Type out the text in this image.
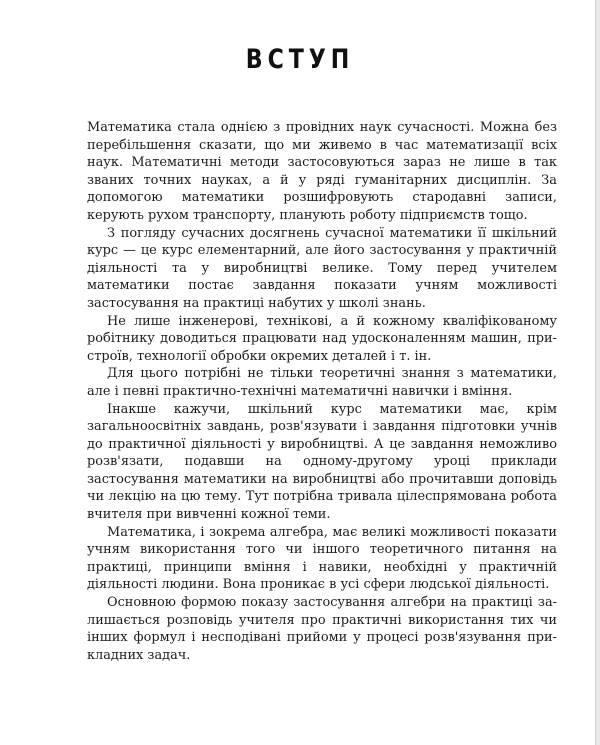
ВСТУП

Математика стала однією з провідних наук сучасності. Можна без перебільшення сказати, що ми живемо в час математизації всіх наук. Математичні методи застосовуються зараз не лише в так званих точних науках, а й у ряді гуманітарних дисциплін. За допомогою математики розшифровують стародавні записи, керують рухом транспорту, планують роботу підприємств тощо.

З погляду сучасних досягнень сучасної математики її шкільний курс — це курс елементарний, але його застосування у практичній діяльності та у виробництві велике. Тому перед учителем математики постає завдання показати учням можливості застосування на практиці набутих у школі знань.

Не лише інженерові, технікові, а й кожному кваліфікованому робітнику доводиться працювати над удосконаленням машин, пристроїв, технології обробки окремих деталей і т. ін.

Для цього потрібні не тільки теоретичні знання з математики, але і певні практично-технічні математичні навички і вміння.

Інакше кажучи, шкільний курс математики має, крім загальноосвітніх завдань, розв'язувати і завдання підготовки учнів до практичної діяльності у виробництві. А це завдання неможливо розв'язати, подавши на одному-другому уроці приклади застосування математики на виробництві або прочитавши доповідь чи лекцію на цю тему. Тут потрібна тривала цілеспрямована робота вчителя при вивченні кожної теми.

Математика, і зокрема алгебра, має великі можливості показати учням використання того чи іншого теоретичного питання на практиці, принципи вміння і навики, необхідні у практичній діяльності людини. Вона проникає в усі сфери людської діяльності.

Основною формою показу застосування алгебри на практиці залишається розповідь учителя про практичні використання тих чи інших формул і несподівані прийоми у процесі розв'язування прикладних задач.
